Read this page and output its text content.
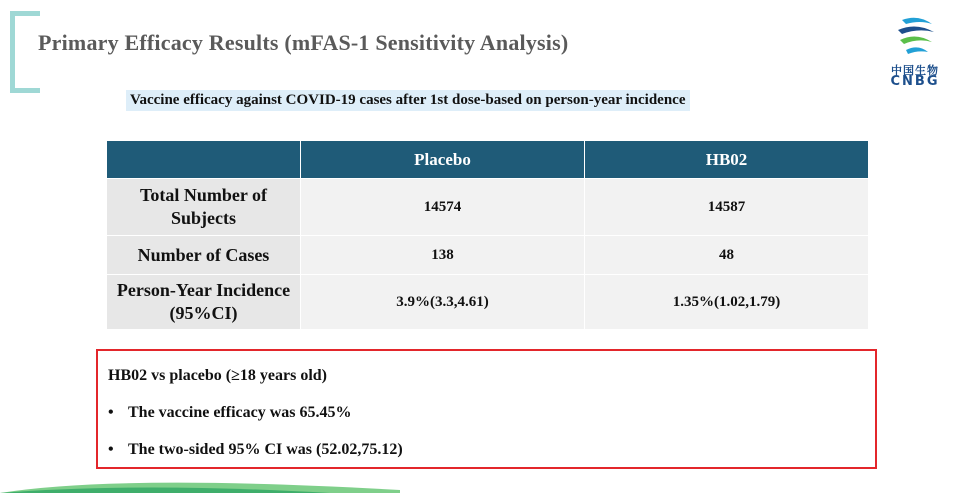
Primary Efficacy Results (mFAS-1 Sensitivity Analysis)
中国生物
CNBG
Vaccine efficacy against COVID-19 cases after 1st dose-based on person-year incidence
	Placebo	HB02
Total Number of Subjects	14574	14587
Number of Cases	138	48
Person-Year Incidence (95%CI)	3.9%(3.3,4.61)	1.35%(1.02,1.79)
HB02 vs placebo (≥18 years old)
• The vaccine efficacy was 65.45%
• The two-sided 95% CI was (52.02,75.12)
